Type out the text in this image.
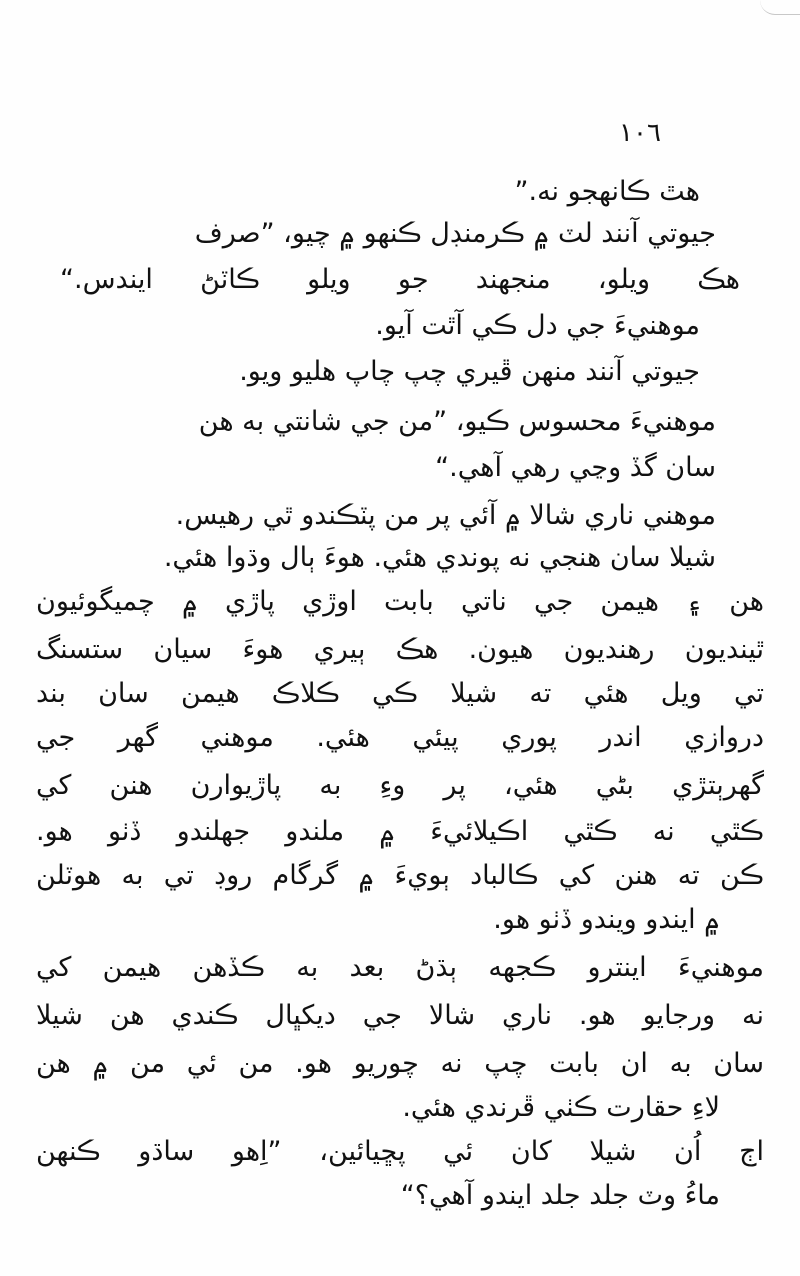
١٠٦
هٿ ڪانهجو نه.”
جيوتي آنند لٽ ۾ ڪرمنڊل ڪنهو ۾ چيو، ”صرف
هڪ ويلو، منجهند جو ويلو ڪاٽڻ ايندس.“
موهنيءَ جي دل ڪي آٿت آيو.
جيوتي آنند منهن ڦيري چپ چاپ هليو ويو.
موهنيءَ محسوس ڪيو، ”من جي شانتي به هن
سان گڏ وڃي رهي آهي.“
موهني ناري شالا ۾ آئي پر من پٽڪندو ٿي رهيس.
شيلا سان هنجي نه پوندي هئي. هوءَ ٻال وڌوا هئي.
هن ۽ هيمن جي ناتي بابت اوڙي پاڙي ۾ چميگوئيون
ٿينديون رهنديون هيون. هڪ ٻيري هوءَ سيان ستسنگ
تي ويل هئي ته شيلا ڪي ڪلاڪ هيمن سان بند
دروازي اندر پوري پيئي هئي. موهني گهر جي
گهرٻتڙي بڻي هئي، پر وءِ به پاڙيوارن هنن کي
ڪٿي نه ڪٿي اڪيلائيءَ ۾ ملندو جهلندو ڏٺو هو.
ڪن ته هنن کي ڪالباد ٻويءَ ۾ گرگام روڊ تي به هوٽلن
۾ ايندو ويندو ڏٺو هو.
موهنيءَ اينترو ڪجهه ٻڌڻ بعد به ڪڏهن هيمن کي
نه ورجايو هو. ناري شالا جي ديکڀال ڪندي هن شيلا
سان به ان بابت چپ نه چوريو هو. من ئي من ۾ هن
لاءِ حقارت ڪٺي ڦرندي هئي.
اڄ اُن شيلا کان ئي پڇيائين، ”اِهو ساڌو ڪنهن
ماءُ وٽ جلد جلد ايندو آهي؟“
